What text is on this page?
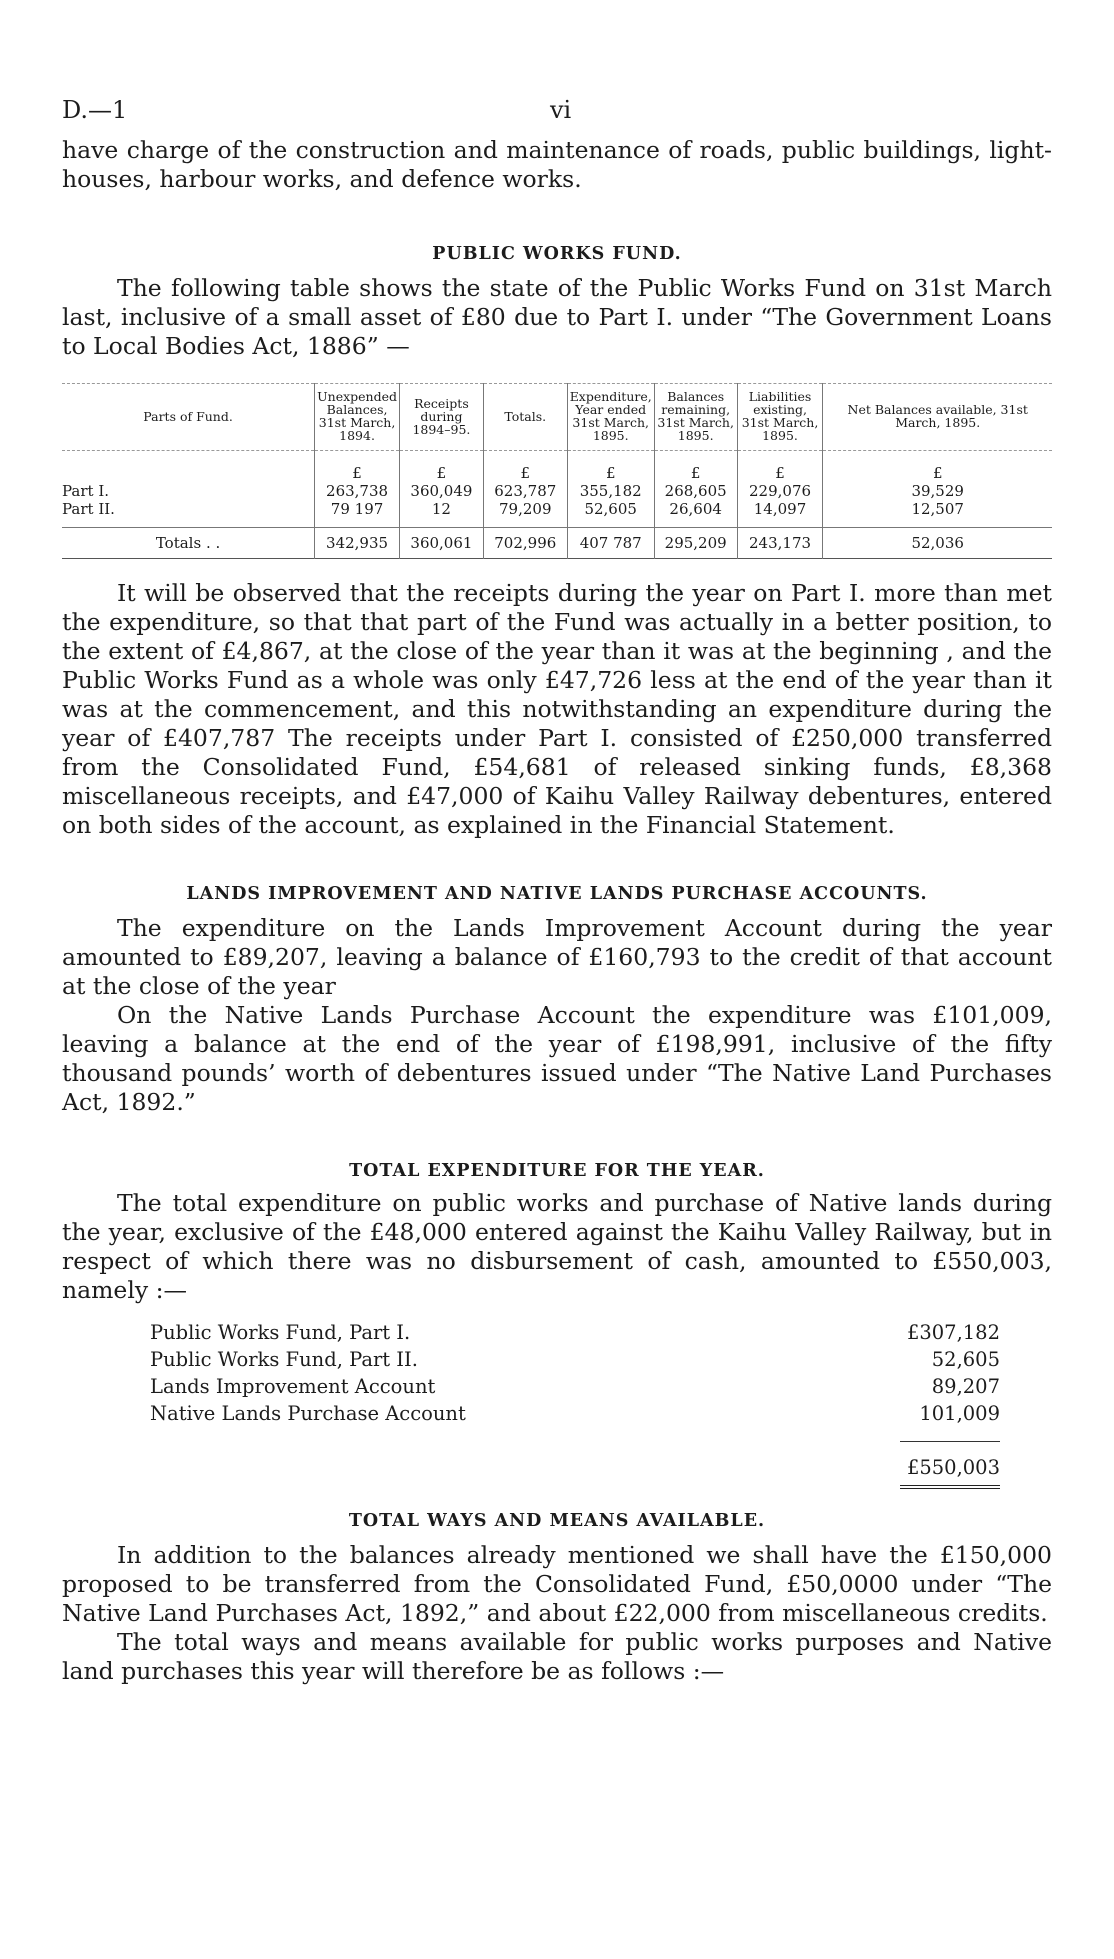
D.—1	vi

have charge of the construction and maintenance of roads, public buildings, light-houses, harbour works, and defence works.

PUBLIC WORKS FUND.

The following table shows the state of the Public Works Fund on 31st March last, inclusive of a small asset of £80 due to Part I. under “The Government Loans to Local Bodies Act, 1886” —

Parts of Fund.	Unexpended Balances, 31st March, 1894.	Receipts during 1894–95.	Totals.	Expenditure, Year ended 31st March, 1895.	Balances remaining, 31st March, 1895.	Liabilities existing, 31st March, 1895.	Net Balances available, 31st March, 1895.
	£	£	£	£	£	£	£
Part I.	263,738	360,049	623,787	355,182	268,605	229,076	39,529
Part II.	79 197	12	79,209	52,605	26,604	14,097	12,507
Totals . .	342,935	360,061	702,996	407 787	295,209	243,173	52,036

It will be observed that the receipts during the year on Part I. more than met the expenditure, so that that part of the Fund was actually in a better position, to the extent of £4,867, at the close of the year than it was at the beginning , and the Public Works Fund as a whole was only £47,726 less at the end of the year than it was at the commencement, and this notwithstanding an expenditure during the year of £407,787 The receipts under Part I. consisted of £250,000 transferred from the Consolidated Fund, £54,681 of released sinking funds, £8,368 miscellaneous receipts, and £47,000 of Kaihu Valley Railway debentures, entered on both sides of the account, as explained in the Financial Statement.

LANDS IMPROVEMENT AND NATIVE LANDS PURCHASE ACCOUNTS.

The expenditure on the Lands Improvement Account during the year amounted to £89,207, leaving a balance of £160,793 to the credit of that account at the close of the year

On the Native Lands Purchase Account the expenditure was £101,009, leaving a balance at the end of the year of £198,991, inclusive of the fifty thousand pounds’ worth of debentures issued under “The Native Land Purchases Act, 1892.”

TOTAL EXPENDITURE FOR THE YEAR.

The total expenditure on public works and purchase of Native lands during the year, exclusive of the £48,000 entered against the Kaihu Valley Railway, but in respect of which there was no disbursement of cash, amounted to £550,003, namely :—

Public Works Fund, Part I.	£307,182
Public Works Fund, Part II.	52,605
Lands Improvement Account	89,207
Native Lands Purchase Account	101,009
£550,003
TOTAL WAYS AND MEANS AVAILABLE.

In addition to the balances already mentioned we shall have the £150,000 proposed to be transferred from the Consolidated Fund, £50,0000 under “The Native Land Purchases Act, 1892,” and about £22,000 from miscellaneous credits.

The total ways and means available for public works purposes and Native land purchases this year will therefore be as follows :—
